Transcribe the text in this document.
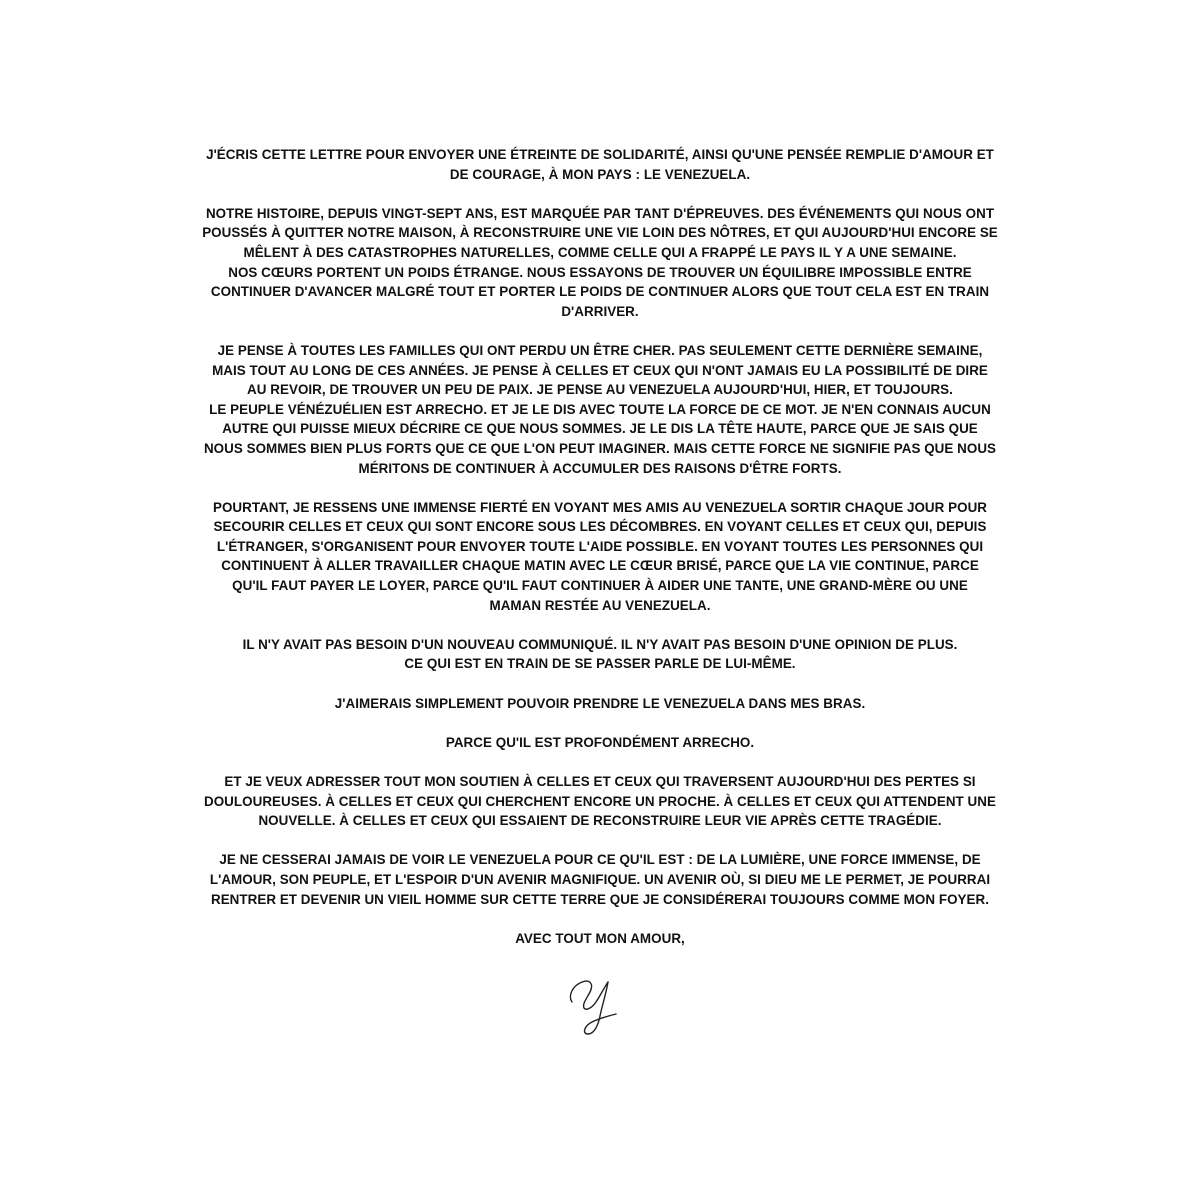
J'ÉCRIS CETTE LETTRE POUR ENVOYER UNE ÉTREINTE DE SOLIDARITÉ, AINSI QU'UNE PENSÉE REMPLIE D'AMOUR ET
DE COURAGE, À MON PAYS : LE VENEZUELA.

NOTRE HISTOIRE, DEPUIS VINGT-SEPT ANS, EST MARQUÉE PAR TANT D'ÉPREUVES. DES ÉVÉNEMENTS QUI NOUS ONT
POUSSÉS À QUITTER NOTRE MAISON, À RECONSTRUIRE UNE VIE LOIN DES NÔTRES, ET QUI AUJOURD'HUI ENCORE SE
MÊLENT À DES CATASTROPHES NATURELLES, COMME CELLE QUI A FRAPPÉ LE PAYS IL Y A UNE SEMAINE.
NOS CŒURS PORTENT UN POIDS ÉTRANGE. NOUS ESSAYONS DE TROUVER UN ÉQUILIBRE IMPOSSIBLE ENTRE
CONTINUER D'AVANCER MALGRÉ TOUT ET PORTER LE POIDS DE CONTINUER ALORS QUE TOUT CELA EST EN TRAIN
D'ARRIVER.

JE PENSE À TOUTES LES FAMILLES QUI ONT PERDU UN ÊTRE CHER. PAS SEULEMENT CETTE DERNIÈRE SEMAINE,
MAIS TOUT AU LONG DE CES ANNÉES. JE PENSE À CELLES ET CEUX QUI N'ONT JAMAIS EU LA POSSIBILITÉ DE DIRE
AU REVOIR, DE TROUVER UN PEU DE PAIX. JE PENSE AU VENEZUELA AUJOURD'HUI, HIER, ET TOUJOURS.
LE PEUPLE VÉNÉZUÉLIEN EST ARRECHO. ET JE LE DIS AVEC TOUTE LA FORCE DE CE MOT. JE N'EN CONNAIS AUCUN
AUTRE QUI PUISSE MIEUX DÉCRIRE CE QUE NOUS SOMMES. JE LE DIS LA TÊTE HAUTE, PARCE QUE JE SAIS QUE
NOUS SOMMES BIEN PLUS FORTS QUE CE QUE L'ON PEUT IMAGINER. MAIS CETTE FORCE NE SIGNIFIE PAS QUE NOUS
MÉRITONS DE CONTINUER À ACCUMULER DES RAISONS D'ÊTRE FORTS.

POURTANT, JE RESSENS UNE IMMENSE FIERTÉ EN VOYANT MES AMIS AU VENEZUELA SORTIR CHAQUE JOUR POUR
SECOURIR CELLES ET CEUX QUI SONT ENCORE SOUS LES DÉCOMBRES. EN VOYANT CELLES ET CEUX QUI, DEPUIS
L'ÉTRANGER, S'ORGANISENT POUR ENVOYER TOUTE L'AIDE POSSIBLE. EN VOYANT TOUTES LES PERSONNES QUI
CONTINUENT À ALLER TRAVAILLER CHAQUE MATIN AVEC LE CŒUR BRISÉ, PARCE QUE LA VIE CONTINUE, PARCE
QU'IL FAUT PAYER LE LOYER, PARCE QU'IL FAUT CONTINUER À AIDER UNE TANTE, UNE GRAND-MÈRE OU UNE
MAMAN RESTÉE AU VENEZUELA.

IL N'Y AVAIT PAS BESOIN D'UN NOUVEAU COMMUNIQUÉ. IL N'Y AVAIT PAS BESOIN D'UNE OPINION DE PLUS.
CE QUI EST EN TRAIN DE SE PASSER PARLE DE LUI-MÊME.

J'AIMERAIS SIMPLEMENT POUVOIR PRENDRE LE VENEZUELA DANS MES BRAS.

PARCE QU'IL EST PROFONDÉMENT ARRECHO.

ET JE VEUX ADRESSER TOUT MON SOUTIEN À CELLES ET CEUX QUI TRAVERSENT AUJOURD'HUI DES PERTES SI
DOULOUREUSES. À CELLES ET CEUX QUI CHERCHENT ENCORE UN PROCHE. À CELLES ET CEUX QUI ATTENDENT UNE
NOUVELLE. À CELLES ET CEUX QUI ESSAIENT DE RECONSTRUIRE LEUR VIE APRÈS CETTE TRAGÉDIE.

JE NE CESSERAI JAMAIS DE VOIR LE VENEZUELA POUR CE QU'IL EST : DE LA LUMIÈRE, UNE FORCE IMMENSE, DE
L'AMOUR, SON PEUPLE, ET L'ESPOIR D'UN AVENIR MAGNIFIQUE. UN AVENIR OÙ, SI DIEU ME LE PERMET, JE POURRAI
RENTRER ET DEVENIR UN VIEIL HOMME SUR CETTE TERRE QUE JE CONSIDÉRERAI TOUJOURS COMME MON FOYER.

AVEC TOUT MON AMOUR,
